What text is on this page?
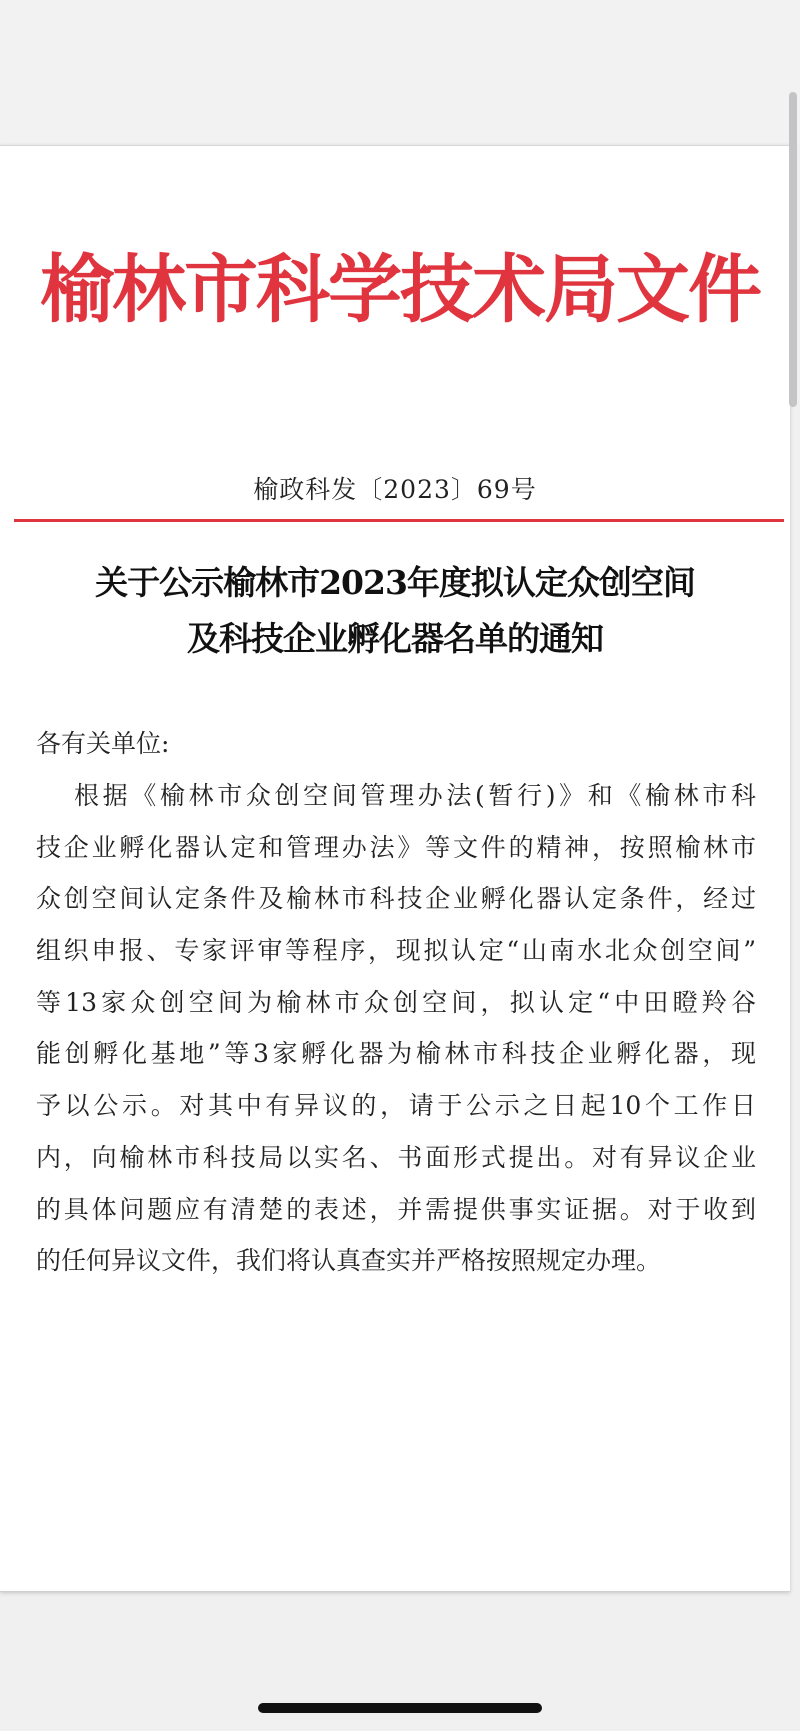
榆林市科学技术局文件
榆政科发〔2023〕69号
关于公示榆林市2023年度拟认定众创空间
及科技企业孵化器名单的通知
各有关单位:
根据《榆林市众创空间管理办法(暂行)》和《榆林市科
技企业孵化器认定和管理办法》等文件的精神，按照榆林市
众创空间认定条件及榆林市科技企业孵化器认定条件，经过
组织申报、专家评审等程序，现拟认定“山南水北众创空间”
等13家众创空间为榆林市众创空间，拟认定“中田瞪羚谷
能创孵化基地”等3家孵化器为榆林市科技企业孵化器，现
予以公示。对其中有异议的，请于公示之日起10个工作日
内，向榆林市科技局以实名、书面形式提出。对有异议企业
的具体问题应有清楚的表述，并需提供事实证据。对于收到
的任何异议文件，我们将认真查实并严格按照规定办理。
